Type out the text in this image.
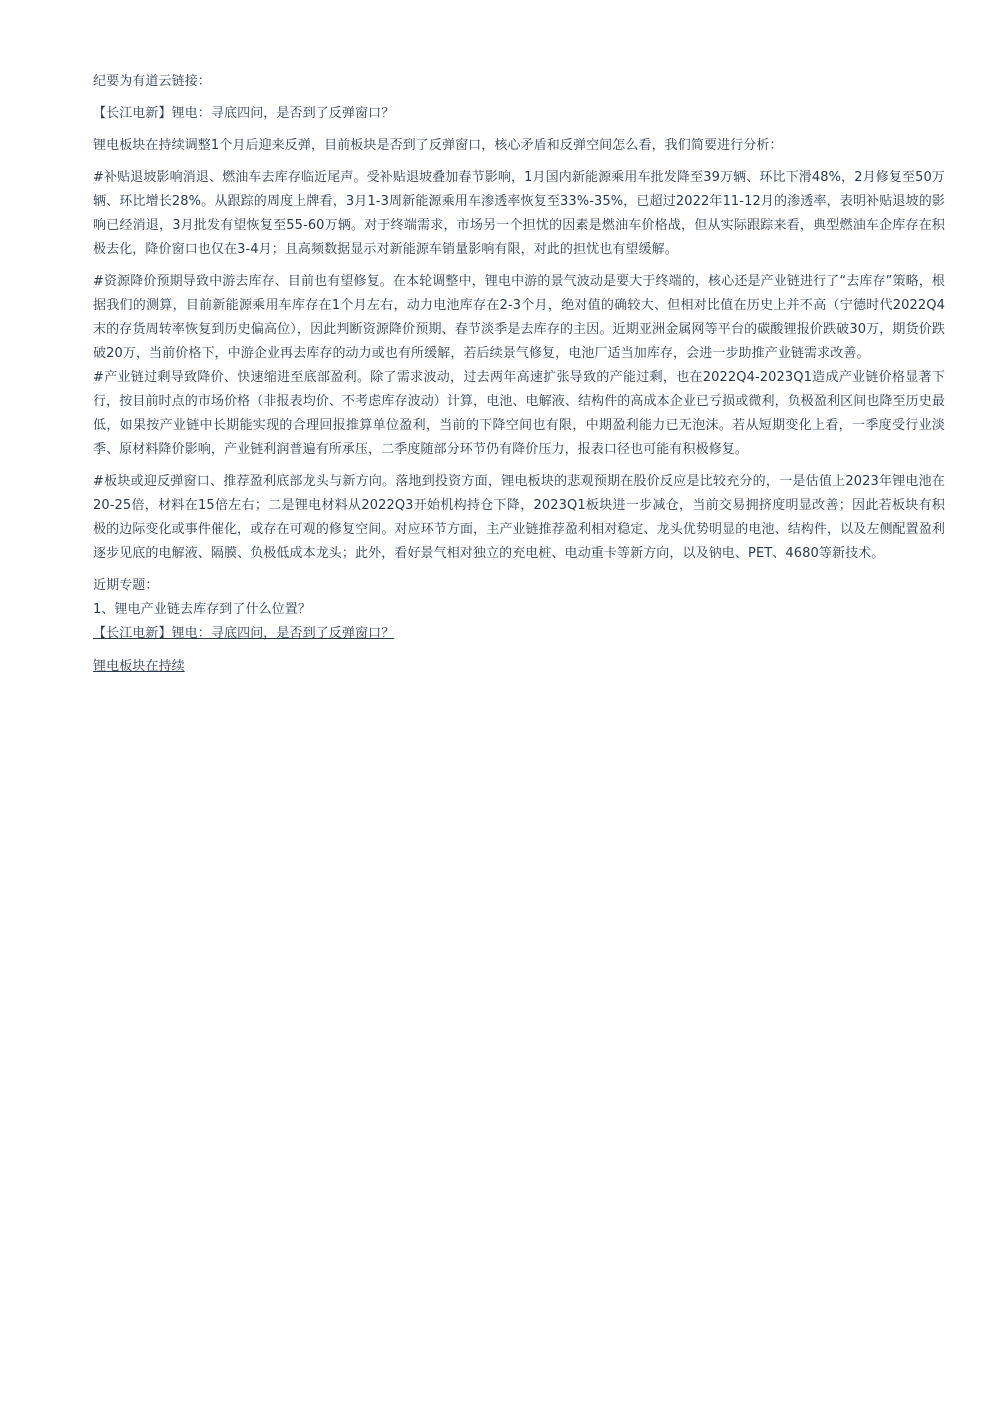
纪要为有道云链接：

【长江电新】锂电：寻底四问，是否到了反弹窗口？

锂电板块在持续调整1个月后迎来反弹，目前板块是否到了反弹窗口，核心矛盾和反弹空间怎么看，我们简要进行分析：

#补贴退坡影响消退、燃油车去库存临近尾声。受补贴退坡叠加春节影响，1月国内新能源乘用车批发降至39万辆、环比下滑48%，2月修复至50万辆、环比增长28%。从跟踪的周度上牌看，3月1-3周新能源乘用车渗透率恢复至33%-35%，已超过2022年11-12月的渗透率，表明补贴退坡的影响已经消退，3月批发有望恢复至55-60万辆。对于终端需求，市场另一个担忧的因素是燃油车价格战，但从实际跟踪来看，典型燃油车企库存在积极去化，降价窗口也仅在3-4月；且高频数据显示对新能源车销量影响有限，对此的担忧也有望缓解。

#资源降价预期导致中游去库存、目前也有望修复。在本轮调整中，锂电中游的景气波动是要大于终端的，核心还是产业链进行了“去库存”策略，根据我们的测算，目前新能源乘用车库存在1个月左右，动力电池库存在2-3个月，绝对值的确较大、但相对比值在历史上并不高（宁德时代2022Q4末的存货周转率恢复到历史偏高位），因此判断资源降价预期、春节淡季是去库存的主因。近期亚洲金属网等平台的碳酸锂报价跌破30万，期货价跌破20万，当前价格下，中游企业再去库存的动力或也有所缓解，若后续景气修复，电池厂适当加库存，会进一步助推产业链需求改善。

#产业链过剩导致降价、快速缩进至底部盈利。除了需求波动，过去两年高速扩张导致的产能过剩，也在2022Q4-2023Q1造成产业链价格显著下行，按目前时点的市场价格（非报表均价、不考虑库存波动）计算，电池、电解液、结构件的高成本企业已亏损或微利，负极盈利区间也降至历史最低，如果按产业链中长期能实现的合理回报推算单位盈利，当前的下降空间也有限，中期盈利能力已无泡沫。若从短期变化上看，一季度受行业淡季、原材料降价影响，产业链利润普遍有所承压，二季度随部分环节仍有降价压力，报表口径也可能有积极修复。

#板块或迎反弹窗口、推荐盈利底部龙头与新方向。落地到投资方面，锂电板块的悲观预期在股价反应是比较充分的，一是估值上2023年锂电池在20-25倍，材料在15倍左右；二是锂电材料从2022Q3开始机构持仓下降，2023Q1板块进一步减仓，当前交易拥挤度明显改善；因此若板块有积极的边际变化或事件催化，或存在可观的修复空间。对应环节方面，主产业链推荐盈利相对稳定、龙头优势明显的电池、结构件，以及左侧配置盈利逐步见底的电解液、隔膜、负极低成本龙头；此外，看好景气相对独立的充电桩、电动重卡等新方向，以及钠电、PET、4680等新技术。

近期专题：

1、锂电产业链去库存到了什么位置？

【长江电新】锂电：寻底四问，是否到了反弹窗口？
锂电板块在持续
